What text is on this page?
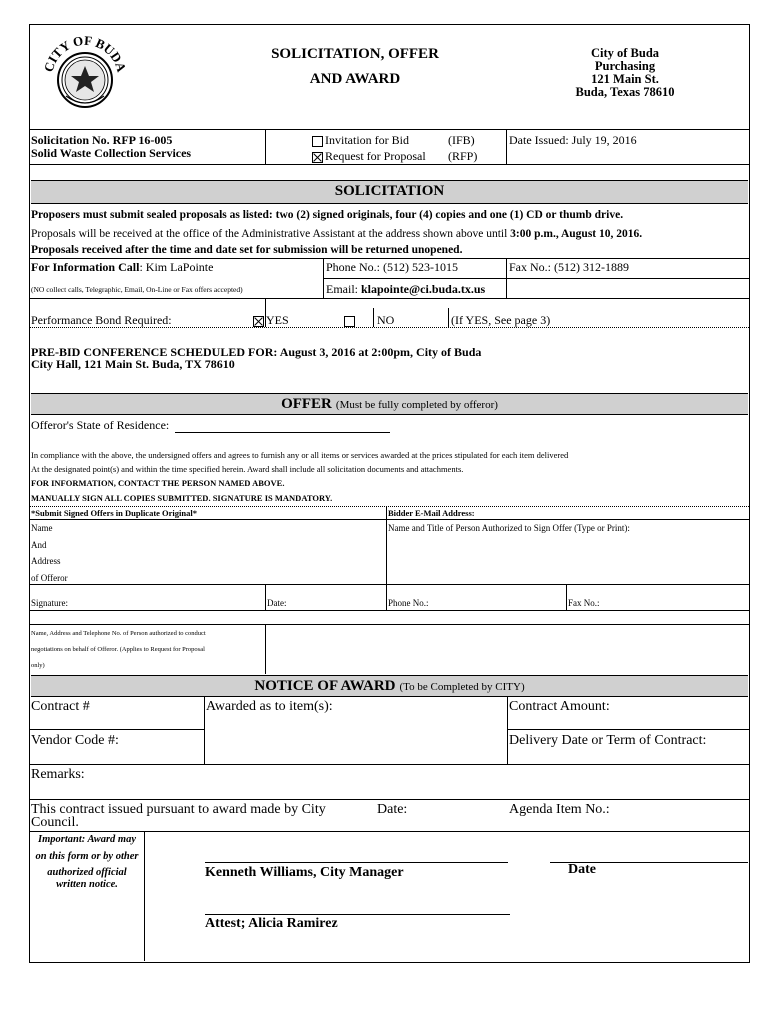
CITY OF BUDA
SOLICITATION, OFFER
AND AWARD
City of Buda
Purchasing
121 Main St.
Buda, Texas 78610
Solicitation No. RFP 16-005
Solid Waste Collection Services
Invitation for Bid	(IFB)
Request for Proposal (RFP)
Date Issued: July 19, 2016
SOLICITATION
Proposers must submit sealed proposals as listed: two (2) signed originals, four (4) copies and one (1) CD or thumb drive.
Proposals will be received at the office of the Administrative Assistant at the address shown above until 3:00 p.m., August 10, 2016.
Proposals received after the time and date set for submission will be returned unopened.
For Information Call: Kim LaPointe	Phone No.: (512) 523-1015	Fax No.: (512) 312-1889
(NO collect calls, Telegraphic, Email, On-Line or Fax offers accepted)	Email: klapointe@ci.buda.tx.us
Performance Bond Required:	YES	NO	(If YES, See page 3)
PRE-BID CONFERENCE SCHEDULED FOR: August 3, 2016 at 2:00pm, City of Buda
City Hall, 121 Main St. Buda, TX 78610
OFFER (Must be fully completed by offeror)
Offeror's State of Residence:
In compliance with the above, the undersigned offers and agrees to furnish any or all items or services awarded at the prices stipulated for each item delivered
At the designated point(s) and within the time specified herein. Award shall include all solicitation documents and attachments.
FOR INFORMATION, CONTACT THE PERSON NAMED ABOVE.
MANUALLY SIGN ALL COPIES SUBMITTED. SIGNATURE IS MANDATORY.
*Submit Signed Offers in Duplicate Original*	Bidder E-Mail Address:
Name
And
Address
of Offeror
Name and Title of Person Authorized to Sign Offer (Type or Print):
Signature:	Date:	Phone No.:	Fax No.:
Name, Address and Telephone No. of Person authorized to conduct
negotiations on behalf of Offeror. (Applies to Request for Proposal
only)
NOTICE OF AWARD (To be Completed by CITY)
Contract #	Awarded as to item(s):	Contract Amount:
Vendor Code #:	Delivery Date or Term of Contract:
Remarks:
This contract issued pursuant to award made by City
Council.
Date:	Agenda Item No.:
Important: Award may
on this form or by other
authorized official
written notice.
Kenneth Williams, City Manager	Date
Attest; Alicia Ramirez
